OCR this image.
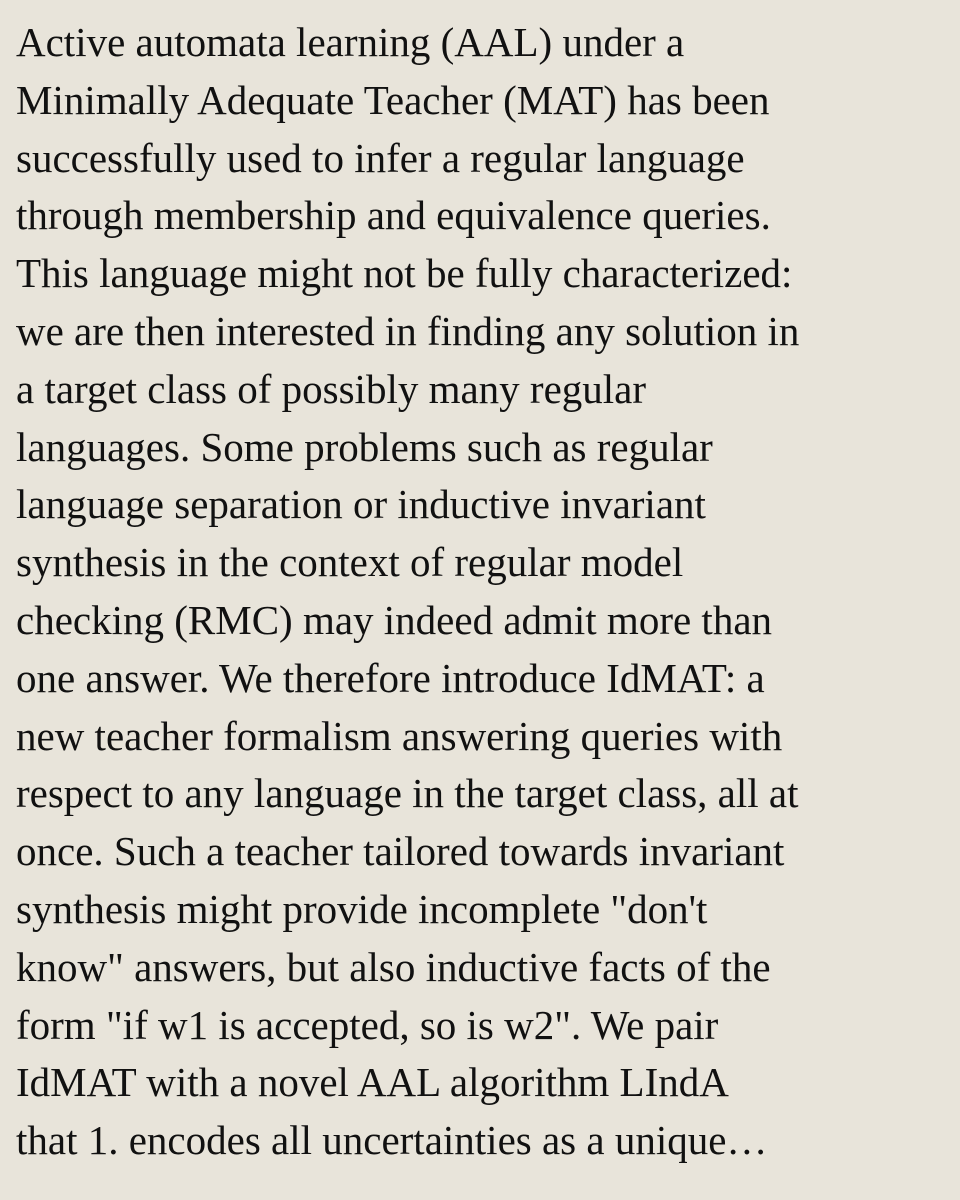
Active automata learning (AAL) under a
Minimally Adequate Teacher (MAT) has been
successfully used to infer a regular language
through membership and equivalence queries.
This language might not be fully characterized:
we are then interested in finding any solution in
a target class of possibly many regular
languages. Some problems such as regular
language separation or inductive invariant
synthesis in the context of regular model
checking (RMC) may indeed admit more than
one answer. We therefore introduce IdMAT: a
new teacher formalism answering queries with
respect to any language in the target class, all at
once. Such a teacher tailored towards invariant
synthesis might provide incomplete "don't
know" answers, but also inductive facts of the
form "if w1 is accepted, so is w2". We pair
IdMAT with a novel AAL algorithm LIndA
that 1. encodes all uncertainties as a unique…
